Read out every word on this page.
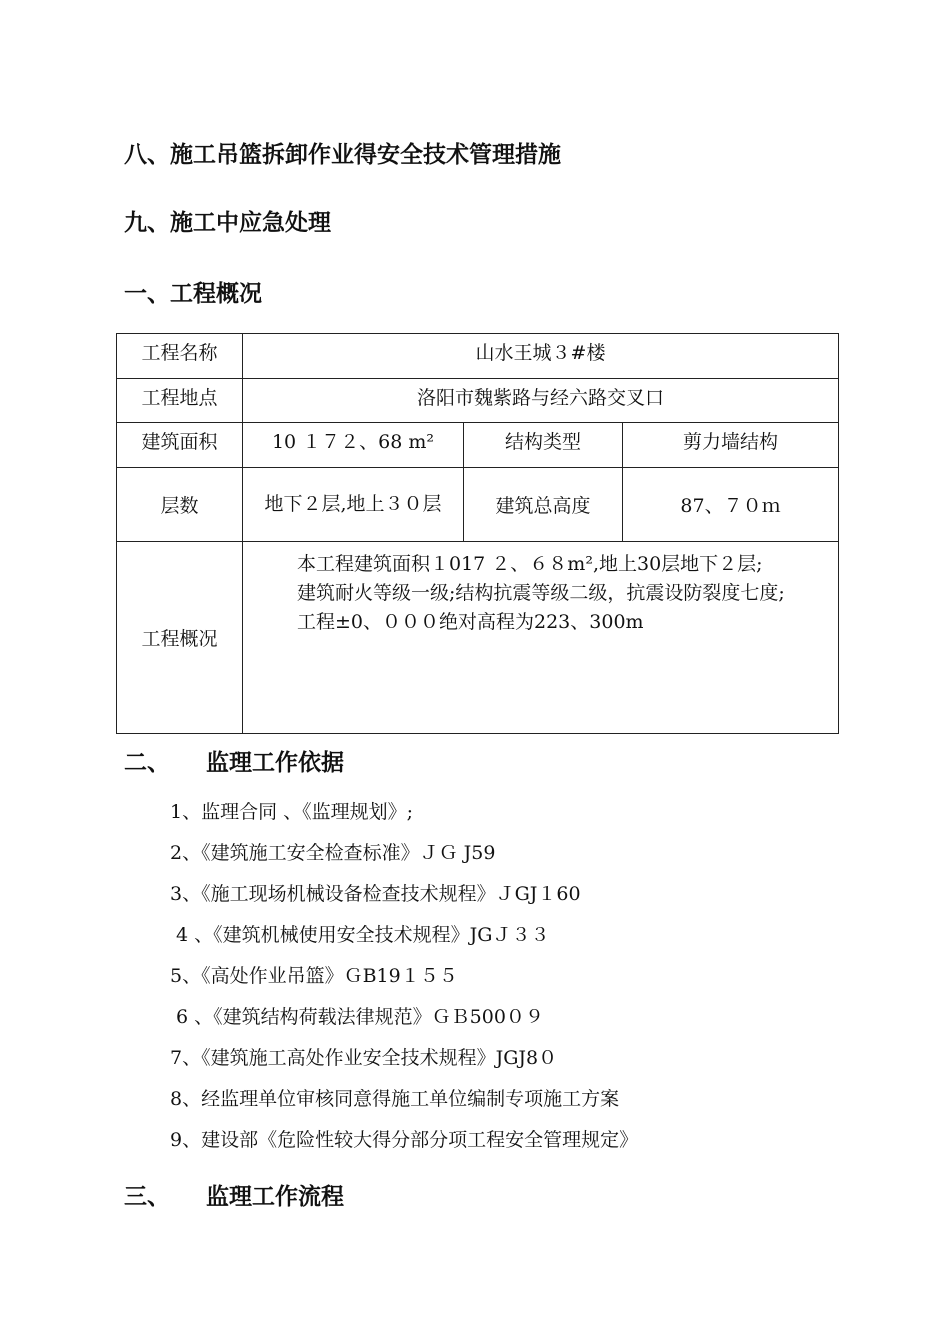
八、施工吊篮拆卸作业得安全技术管理措施
九、施工中应急处理
一、工程概况
工程名称	山水王城３#楼		
工程地点	洛阳市魏紫路与经六路交叉口		
建筑面积	10 １７２、68 m²	结构类型	剪力墙结构
层数	地下２层,地上３０层	建筑总高度	87、７０ｍ
工程概况	本工程建筑面积１017 ２、６８m²,地上30层地下２层;

建筑耐火等级一级;结构抗震等级二级，抗震设防裂度七度;

工程±0、０００绝对高程为223、300m		

二、 监理工作依据
1、监理合同 、《监理规划》;
2、《建筑施工安全检查标准》ＪＧ J59
3、《施工现场机械设备检查技术规程》ＪGJ１60
4 、《建筑机械使用安全技术规程》JGＪ３３
5、《高处作业吊篮》ＧB19１５５
6 、《建筑结构荷载法律规范》ＧＢ500０９
7、《建筑施工高处作业安全技术规程》JGJ8０
8、经监理单位审核同意得施工单位编制专项施工方案
9、建设部《危险性较大得分部分项工程安全管理规定》
三、 监理工作流程
